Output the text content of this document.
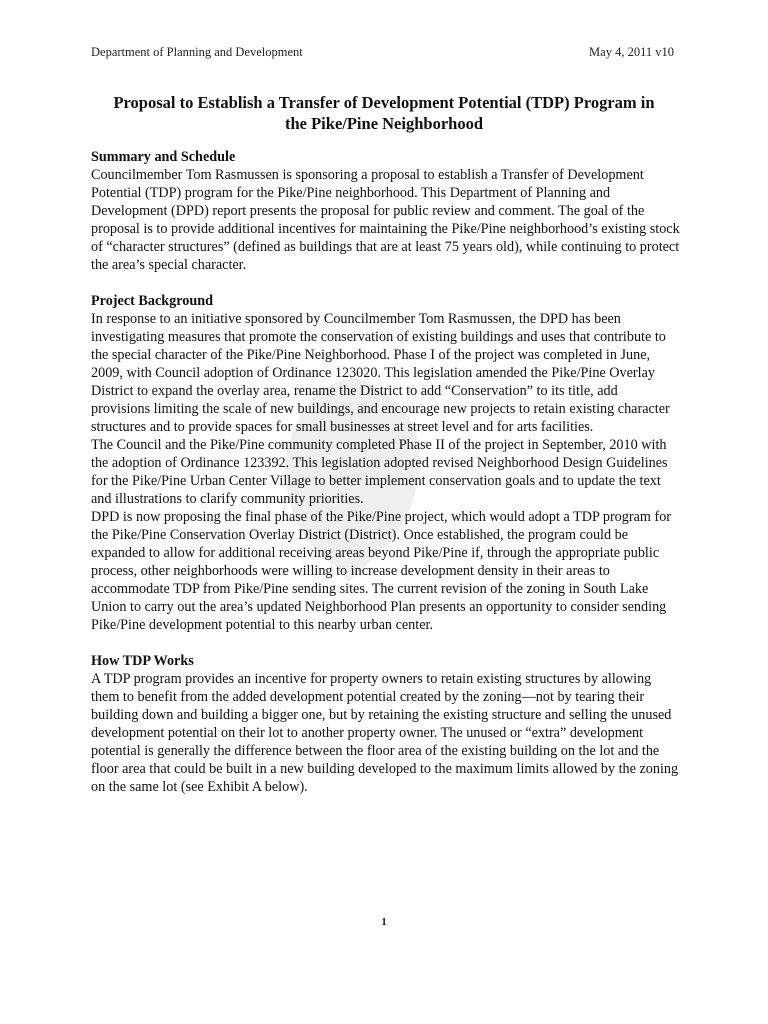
Department of Planning and Development	May 4, 2011 v10
Proposal to Establish a Transfer of Development Potential (TDP) Program in
the Pike/Pine Neighborhood
Summary and Schedule

Councilmember Tom Rasmussen is sponsoring a proposal to establish a Transfer of Development Potential (TDP) program for the Pike/Pine neighborhood. This Department of Planning and Development (DPD) report presents the proposal for public review and comment. The goal of the proposal is to provide additional incentives for maintaining the Pike/Pine neighborhood’s existing stock of “character structures” (defined as buildings that are at least 75 years old), while continuing to protect the area’s special character.

Project Background

In response to an initiative sponsored by Councilmember Tom Rasmussen, the DPD has been investigating measures that promote the conservation of existing buildings and uses that contribute to the special character of the Pike/Pine Neighborhood. Phase I of the project was completed in June, 2009, with Council adoption of Ordinance 123020. This legislation amended the Pike/Pine Overlay District to expand the overlay area, rename the District to add “Conservation” to its title, add provisions limiting the scale of new buildings, and encourage new projects to retain existing character structures and to provide spaces for small businesses at street level and for arts facilities.

The Council and the Pike/Pine community completed Phase II of the project in September, 2010 with the adoption of Ordinance 123392. This legislation adopted revised Neighborhood Design Guidelines for the Pike/Pine Urban Center Village to better implement conservation goals and to update the text and illustrations to clarify community priorities.

DPD is now proposing the final phase of the Pike/Pine project, which would adopt a TDP program for the Pike/Pine Conservation Overlay District (District). Once established, the program could be expanded to allow for additional receiving areas beyond Pike/Pine if, through the appropriate public process, other neighborhoods were willing to increase development density in their areas to accommodate TDP from Pike/Pine sending sites. The current revision of the zoning in South Lake Union to carry out the area’s updated Neighborhood Plan presents an opportunity to consider sending Pike/Pine development potential to this nearby urban center.

How TDP Works

A TDP program provides an incentive for property owners to retain existing structures by allowing them to benefit from the added development potential created by the zoning—not by tearing their building down and building a bigger one, but by retaining the existing structure and selling the unused development potential on their lot to another property owner. The unused or “extra” development potential is generally the difference between the floor area of the existing building on the lot and the floor area that could be built in a new building developed to the maximum limits allowed by the zoning on the same lot (see Exhibit A below).

1
